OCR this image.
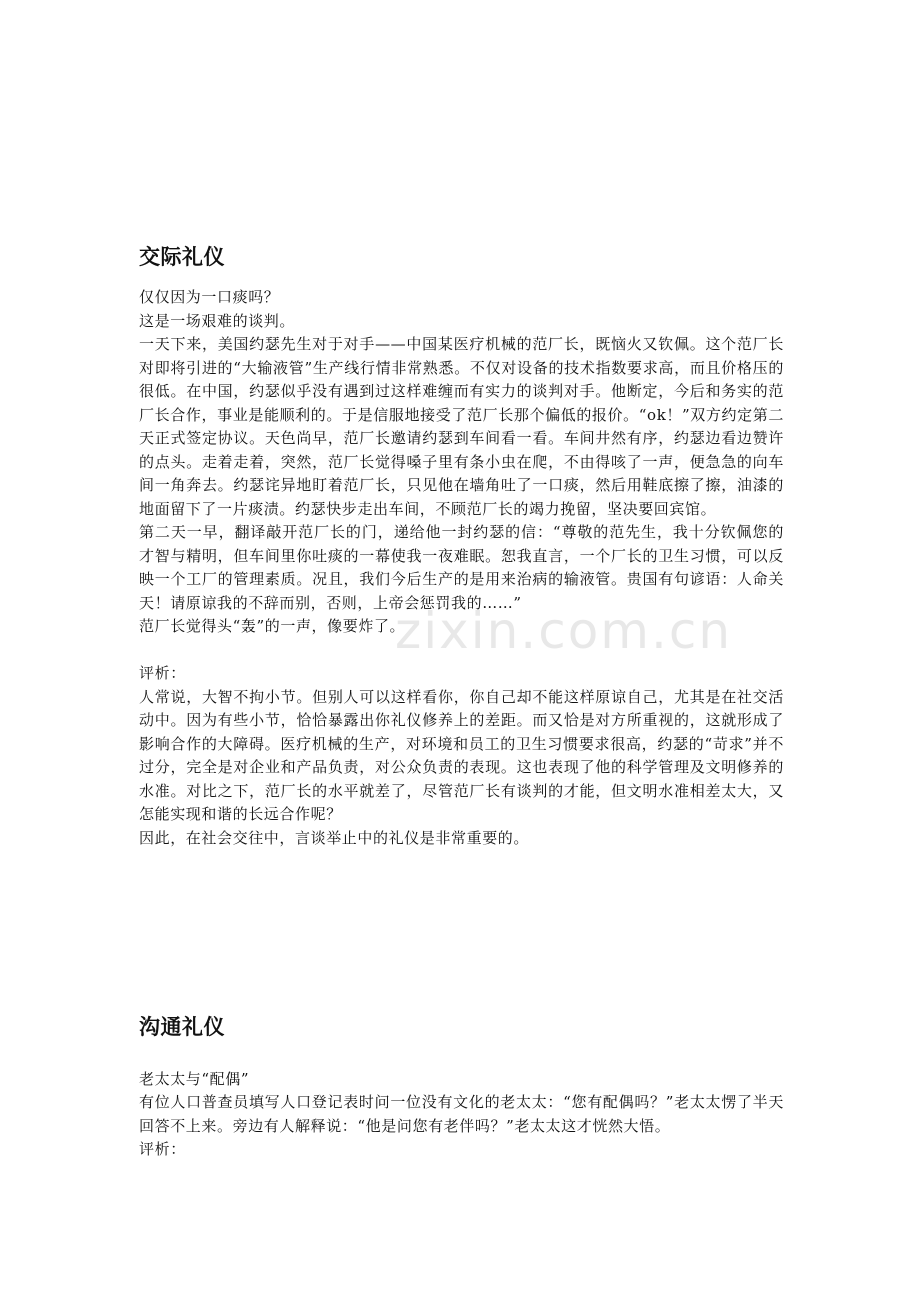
zixin.com.cn
交际礼仪

仅仅因为一口痰吗？

这是一场艰难的谈判。

一天下来，美国约瑟先生对于对手——中国某医疗机械的范厂长，既恼火又钦佩。这个范厂长对即将引进的“大输液管”生产线行情非常熟悉。不仅对设备的技术指数要求高，而且价格压的很低。在中国，约瑟似乎没有遇到过这样难缠而有实力的谈判对手。他断定，今后和务实的范厂长合作，事业是能顺利的。于是信服地接受了范厂长那个偏低的报价。“ok！”双方约定第二天正式签定协议。天色尚早，范厂长邀请约瑟到车间看一看。车间井然有序，约瑟边看边赞许的点头。走着走着，突然，范厂长觉得嗓子里有条小虫在爬，不由得咳了一声，便急急的向车间一角奔去。约瑟诧异地盯着范厂长，只见他在墙角吐了一口痰，然后用鞋底擦了擦，油漆的地面留下了一片痰渍。约瑟快步走出车间，不顾范厂长的竭力挽留，坚决要回宾馆。

第二天一早，翻译敲开范厂长的门，递给他一封约瑟的信：“尊敬的范先生，我十分钦佩您的才智与精明，但车间里你吐痰的一幕使我一夜难眠。恕我直言，一个厂长的卫生习惯，可以反映一个工厂的管理素质。况且，我们今后生产的是用来治病的输液管。贵国有句谚语：人命关天！请原谅我的不辞而别，否则，上帝会惩罚我的……”

范厂长觉得头“轰”的一声，像要炸了。

评析：

人常说，大智不拘小节。但别人可以这样看你，你自己却不能这样原谅自己，尤其是在社交活动中。因为有些小节，恰恰暴露出你礼仪修养上的差距。而又恰是对方所重视的，这就形成了影响合作的大障碍。医疗机械的生产，对环境和员工的卫生习惯要求很高，约瑟的“苛求”并不过分，完全是对企业和产品负责，对公众负责的表现。这也表现了他的科学管理及文明修养的水准。对比之下，范厂长的水平就差了，尽管范厂长有谈判的才能，但文明水准相差太大，又怎能实现和谐的长远合作呢？

因此，在社会交往中，言谈举止中的礼仪是非常重要的。

沟通礼仪

老太太与“配偶”

有位人口普查员填写人口登记表时问一位没有文化的老太太：“您有配偶吗？”老太太愣了半天回答不上来。旁边有人解释说：“他是问您有老伴吗？”老太太这才恍然大悟。

评析：
